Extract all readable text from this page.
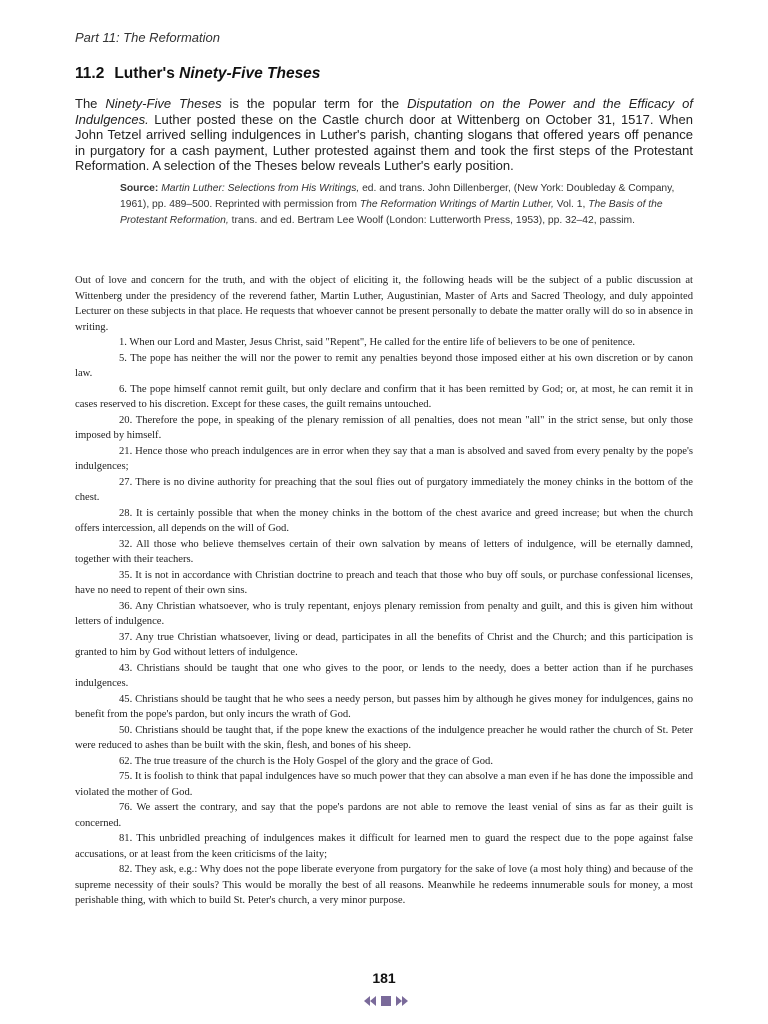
Part 11: The Reformation
11.2 Luther's Ninety-Five Theses

The Ninety-Five Theses is the popular term for the Disputation on the Power and the Efficacy of Indulgences. Luther posted these on the Castle church door at Wittenberg on October 31, 1517. When John Tetzel arrived selling indulgences in Luther's parish, chanting slogans that offered years off penance in purgatory for a cash payment, Luther protested against them and took the first steps of the Protestant Reformation. A selection of the Theses below reveals Luther's early position.

Source: Martin Luther: Selections from His Writings, ed. and trans. John Dillenberger, (New York: Doubleday & Company, 1961), pp. 489–500. Reprinted with permission from The Reformation Writings of Martin Luther, Vol. 1, The Basis of the Protestant Reformation, trans. and ed. Bertram Lee Woolf (London: Lutterworth Press, 1953), pp. 32–42, passim.

Out of love and concern for the truth, and with the object of eliciting it, the following heads will be the subject of a public discussion at Wittenberg under the presidency of the reverend father, Martin Luther, Augustinian, Master of Arts and Sacred Theology, and duly appointed Lecturer on these subjects in that place. He requests that whoever cannot be present personally to debate the matter orally will do so in absence in writing.

1. When our Lord and Master, Jesus Christ, said "Repent", He called for the entire life of believers to be one of penitence.

5. The pope has neither the will nor the power to remit any penalties beyond those imposed either at his own discretion or by canon law.

6. The pope himself cannot remit guilt, but only declare and confirm that it has been remitted by God; or, at most, he can remit it in cases reserved to his discretion. Except for these cases, the guilt remains untouched.

20. Therefore the pope, in speaking of the plenary remission of all penalties, does not mean "all" in the strict sense, but only those imposed by himself.

21. Hence those who preach indulgences are in error when they say that a man is absolved and saved from every penalty by the pope's indulgences;

27. There is no divine authority for preaching that the soul flies out of purgatory immediately the money chinks in the bottom of the chest.

28. It is certainly possible that when the money chinks in the bottom of the chest avarice and greed increase; but when the church offers intercession, all depends on the will of God.

32. All those who believe themselves certain of their own salvation by means of letters of indulgence, will be eternally damned, together with their teachers.

35. It is not in accordance with Christian doctrine to preach and teach that those who buy off souls, or purchase confessional licenses, have no need to repent of their own sins.

36. Any Christian whatsoever, who is truly repentant, enjoys plenary remission from penalty and guilt, and this is given him without letters of indulgence.

37. Any true Christian whatsoever, living or dead, participates in all the benefits of Christ and the Church; and this participation is granted to him by God without letters of indulgence.

43. Christians should be taught that one who gives to the poor, or lends to the needy, does a better action than if he purchases indulgences.

45. Christians should be taught that he who sees a needy person, but passes him by although he gives money for indulgences, gains no benefit from the pope's pardon, but only incurs the wrath of God.

50. Christians should be taught that, if the pope knew the exactions of the indulgence preacher he would rather the church of St. Peter were reduced to ashes than be built with the skin, flesh, and bones of his sheep.

62. The true treasure of the church is the Holy Gospel of the glory and the grace of God.

75. It is foolish to think that papal indulgences have so much power that they can absolve a man even if he has done the impossible and violated the mother of God.

76. We assert the contrary, and say that the pope's pardons are not able to remove the least venial of sins as far as their guilt is concerned.

81. This unbridled preaching of indulgences makes it difficult for learned men to guard the respect due to the pope against false accusations, or at least from the keen criticisms of the laity;

82. They ask, e.g.: Why does not the pope liberate everyone from purgatory for the sake of love (a most holy thing) and because of the supreme necessity of their souls? This would be morally the best of all reasons. Meanwhile he redeems innumerable souls for money, a most perishable thing, with which to build St. Peter's church, a very minor purpose.

181
